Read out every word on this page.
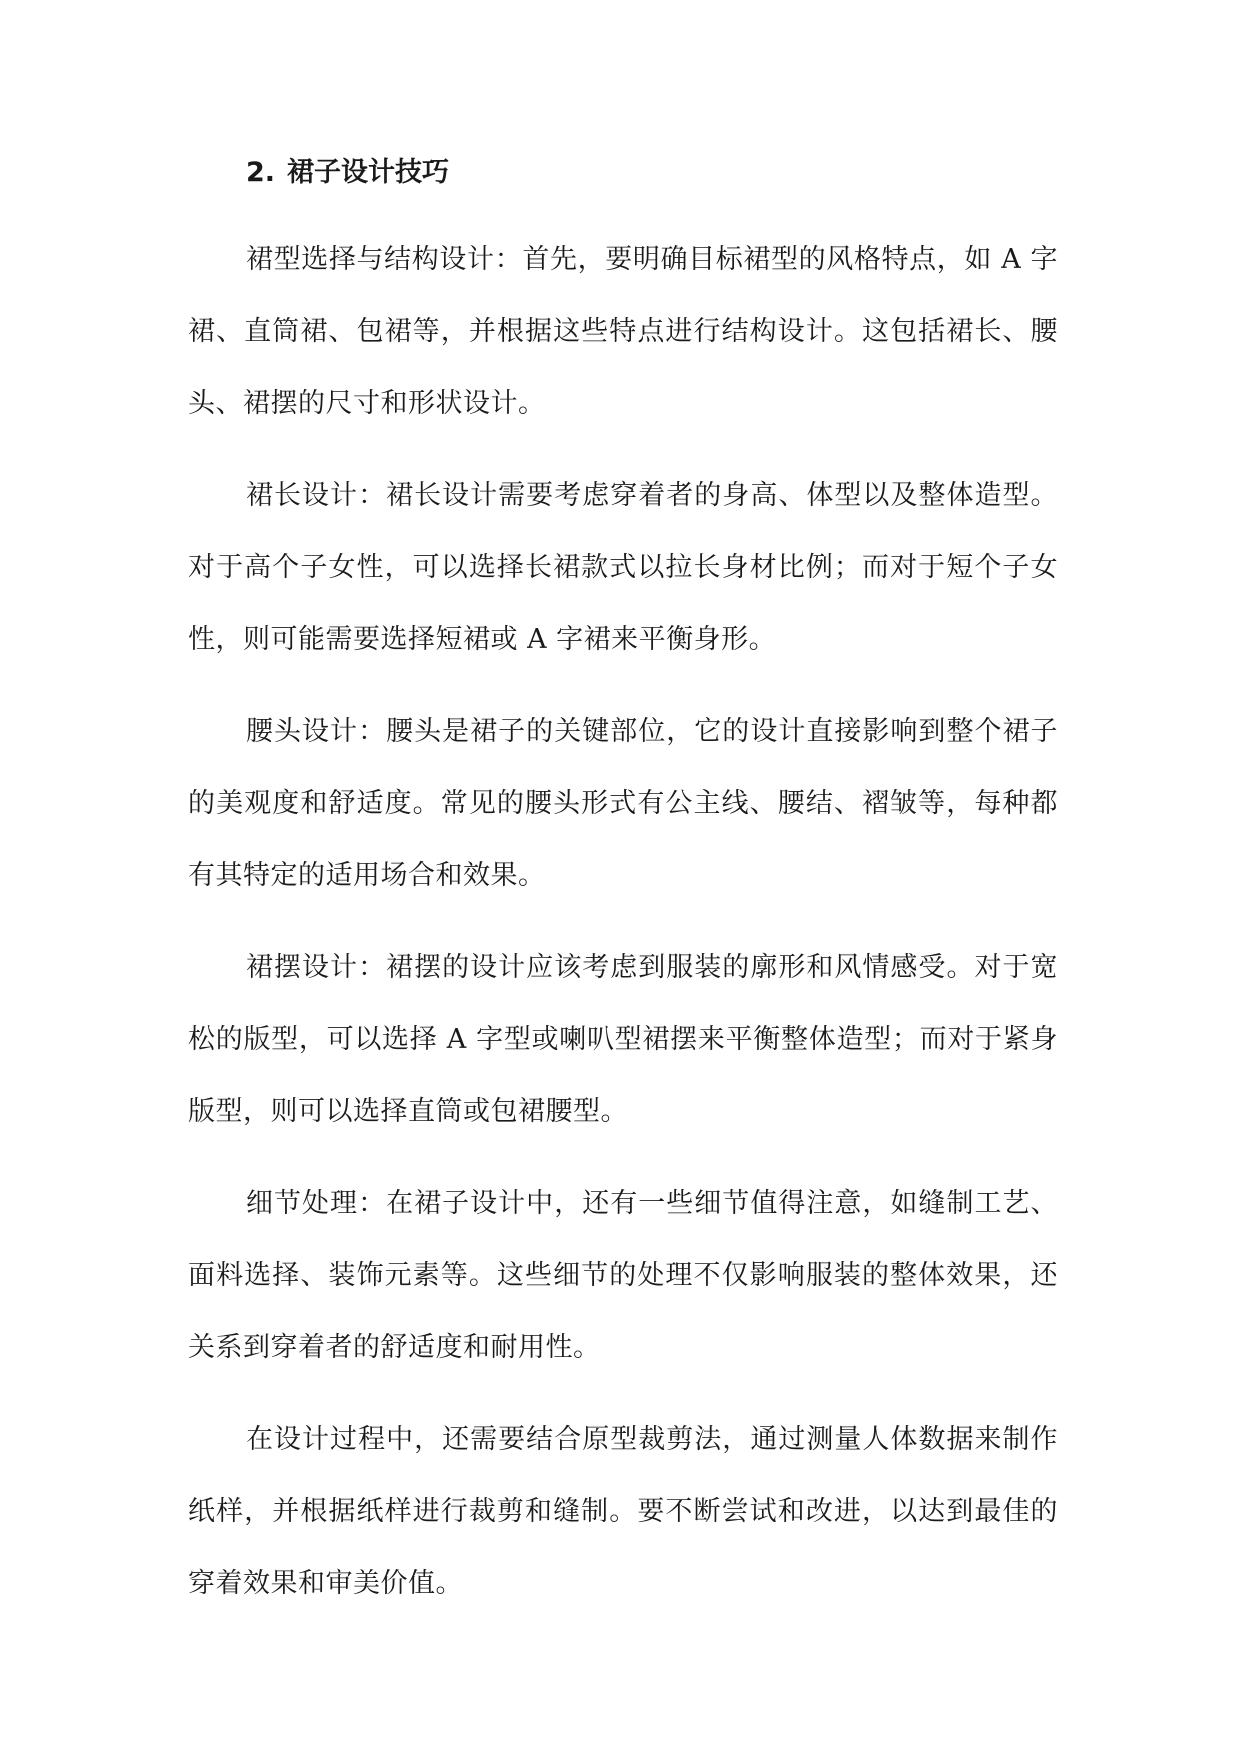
2. 裙子设计技巧

裙型选择与结构设计：首先，要明确目标裙型的风格特点，如 A 字裙、直筒裙、包裙等，并根据这些特点进行结构设计。这包括裙长、腰头、裙摆的尺寸和形状设计。

裙长设计：裙长设计需要考虑穿着者的身高、体型以及整体造型。对于高个子女性，可以选择长裙款式以拉长身材比例；而对于短个子女性，则可能需要选择短裙或 A 字裙来平衡身形。

腰头设计：腰头是裙子的关键部位，它的设计直接影响到整个裙子的美观度和舒适度。常见的腰头形式有公主线、腰结、褶皱等，每种都有其特定的适用场合和效果。

裙摆设计：裙摆的设计应该考虑到服装的廓形和风情感受。对于宽松的版型，可以选择 A 字型或喇叭型裙摆来平衡整体造型；而对于紧身版型，则可以选择直筒或包裙腰型。

细节处理：在裙子设计中，还有一些细节值得注意，如缝制工艺、面料选择、装饰元素等。这些细节的处理不仅影响服装的整体效果，还关系到穿着者的舒适度和耐用性。

在设计过程中，还需要结合原型裁剪法，通过测量人体数据来制作纸样，并根据纸样进行裁剪和缝制。要不断尝试和改进，以达到最佳的穿着效果和审美价值。
